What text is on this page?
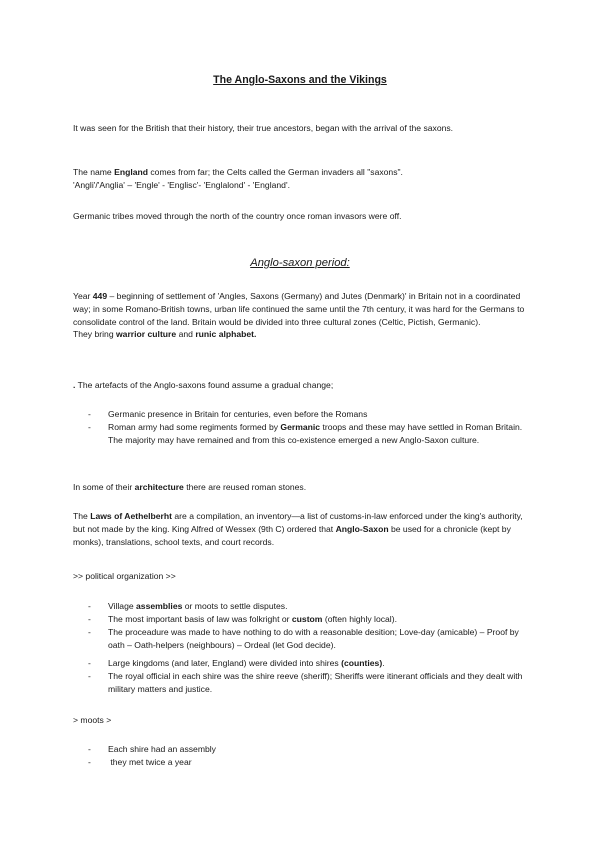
The Anglo-Saxons and the Vikings

It was seen for the British that their history, their true ancestors, began with the arrival of the saxons.

The name England comes from far; the Celts called the German invaders all "saxons".
'Angli'/'Anglia' – 'Engle' - 'Englisc'- 'Englalond' - 'England'.

Germanic tribes moved through the north of the country once roman invasors were off.

Anglo-saxon period:

Year 449 – beginning of settlement of 'Angles, Saxons (Germany) and Jutes (Denmark)' in Britain not in a coordinated way; in some Romano-British towns, urban life continued the same until the 7th century, it was hard for the Germans to consolidate control of the land. Britain would be divided into three cultural zones (Celtic, Pictish, Germanic).
They bring warrior culture and runic alphabet.

. The artefacts of the Anglo-saxons found assume a gradual change;

- Germanic presence in Britain for centuries, even before the Romans
- Roman army had some regiments formed by Germanic troops and these may have settled in Roman Britain. The majority may have remained and from this co-existence emerged a new Anglo-Saxon culture.

In some of their architecture there are reused roman stones.

The Laws of Aethelberht are a compilation, an inventory—a list of customs-in-law enforced under the king's authority, but not made by the king. King Alfred of Wessex (9th C) ordered that Anglo-Saxon be used for a chronicle (kept by monks), translations, school texts, and court records.

>> political organization >>

- Village assemblies or moots to settle disputes.
- The most important basis of law was folkright or custom (often highly local).
- The proceadure was made to have nothing to do with a reasonable desition; Love-day (amicable) – Proof by oath – Oath-helpers (neighbours) – Ordeal (let God decide).
- Large kingdoms (and later, England) were divided into shires (counties).
- The royal official in each shire was the shire reeve (sheriff); Sheriffs were itinerant officials and they dealt with military matters and justice.

> moots >

- Each shire had an assembly
- they met twice a year
